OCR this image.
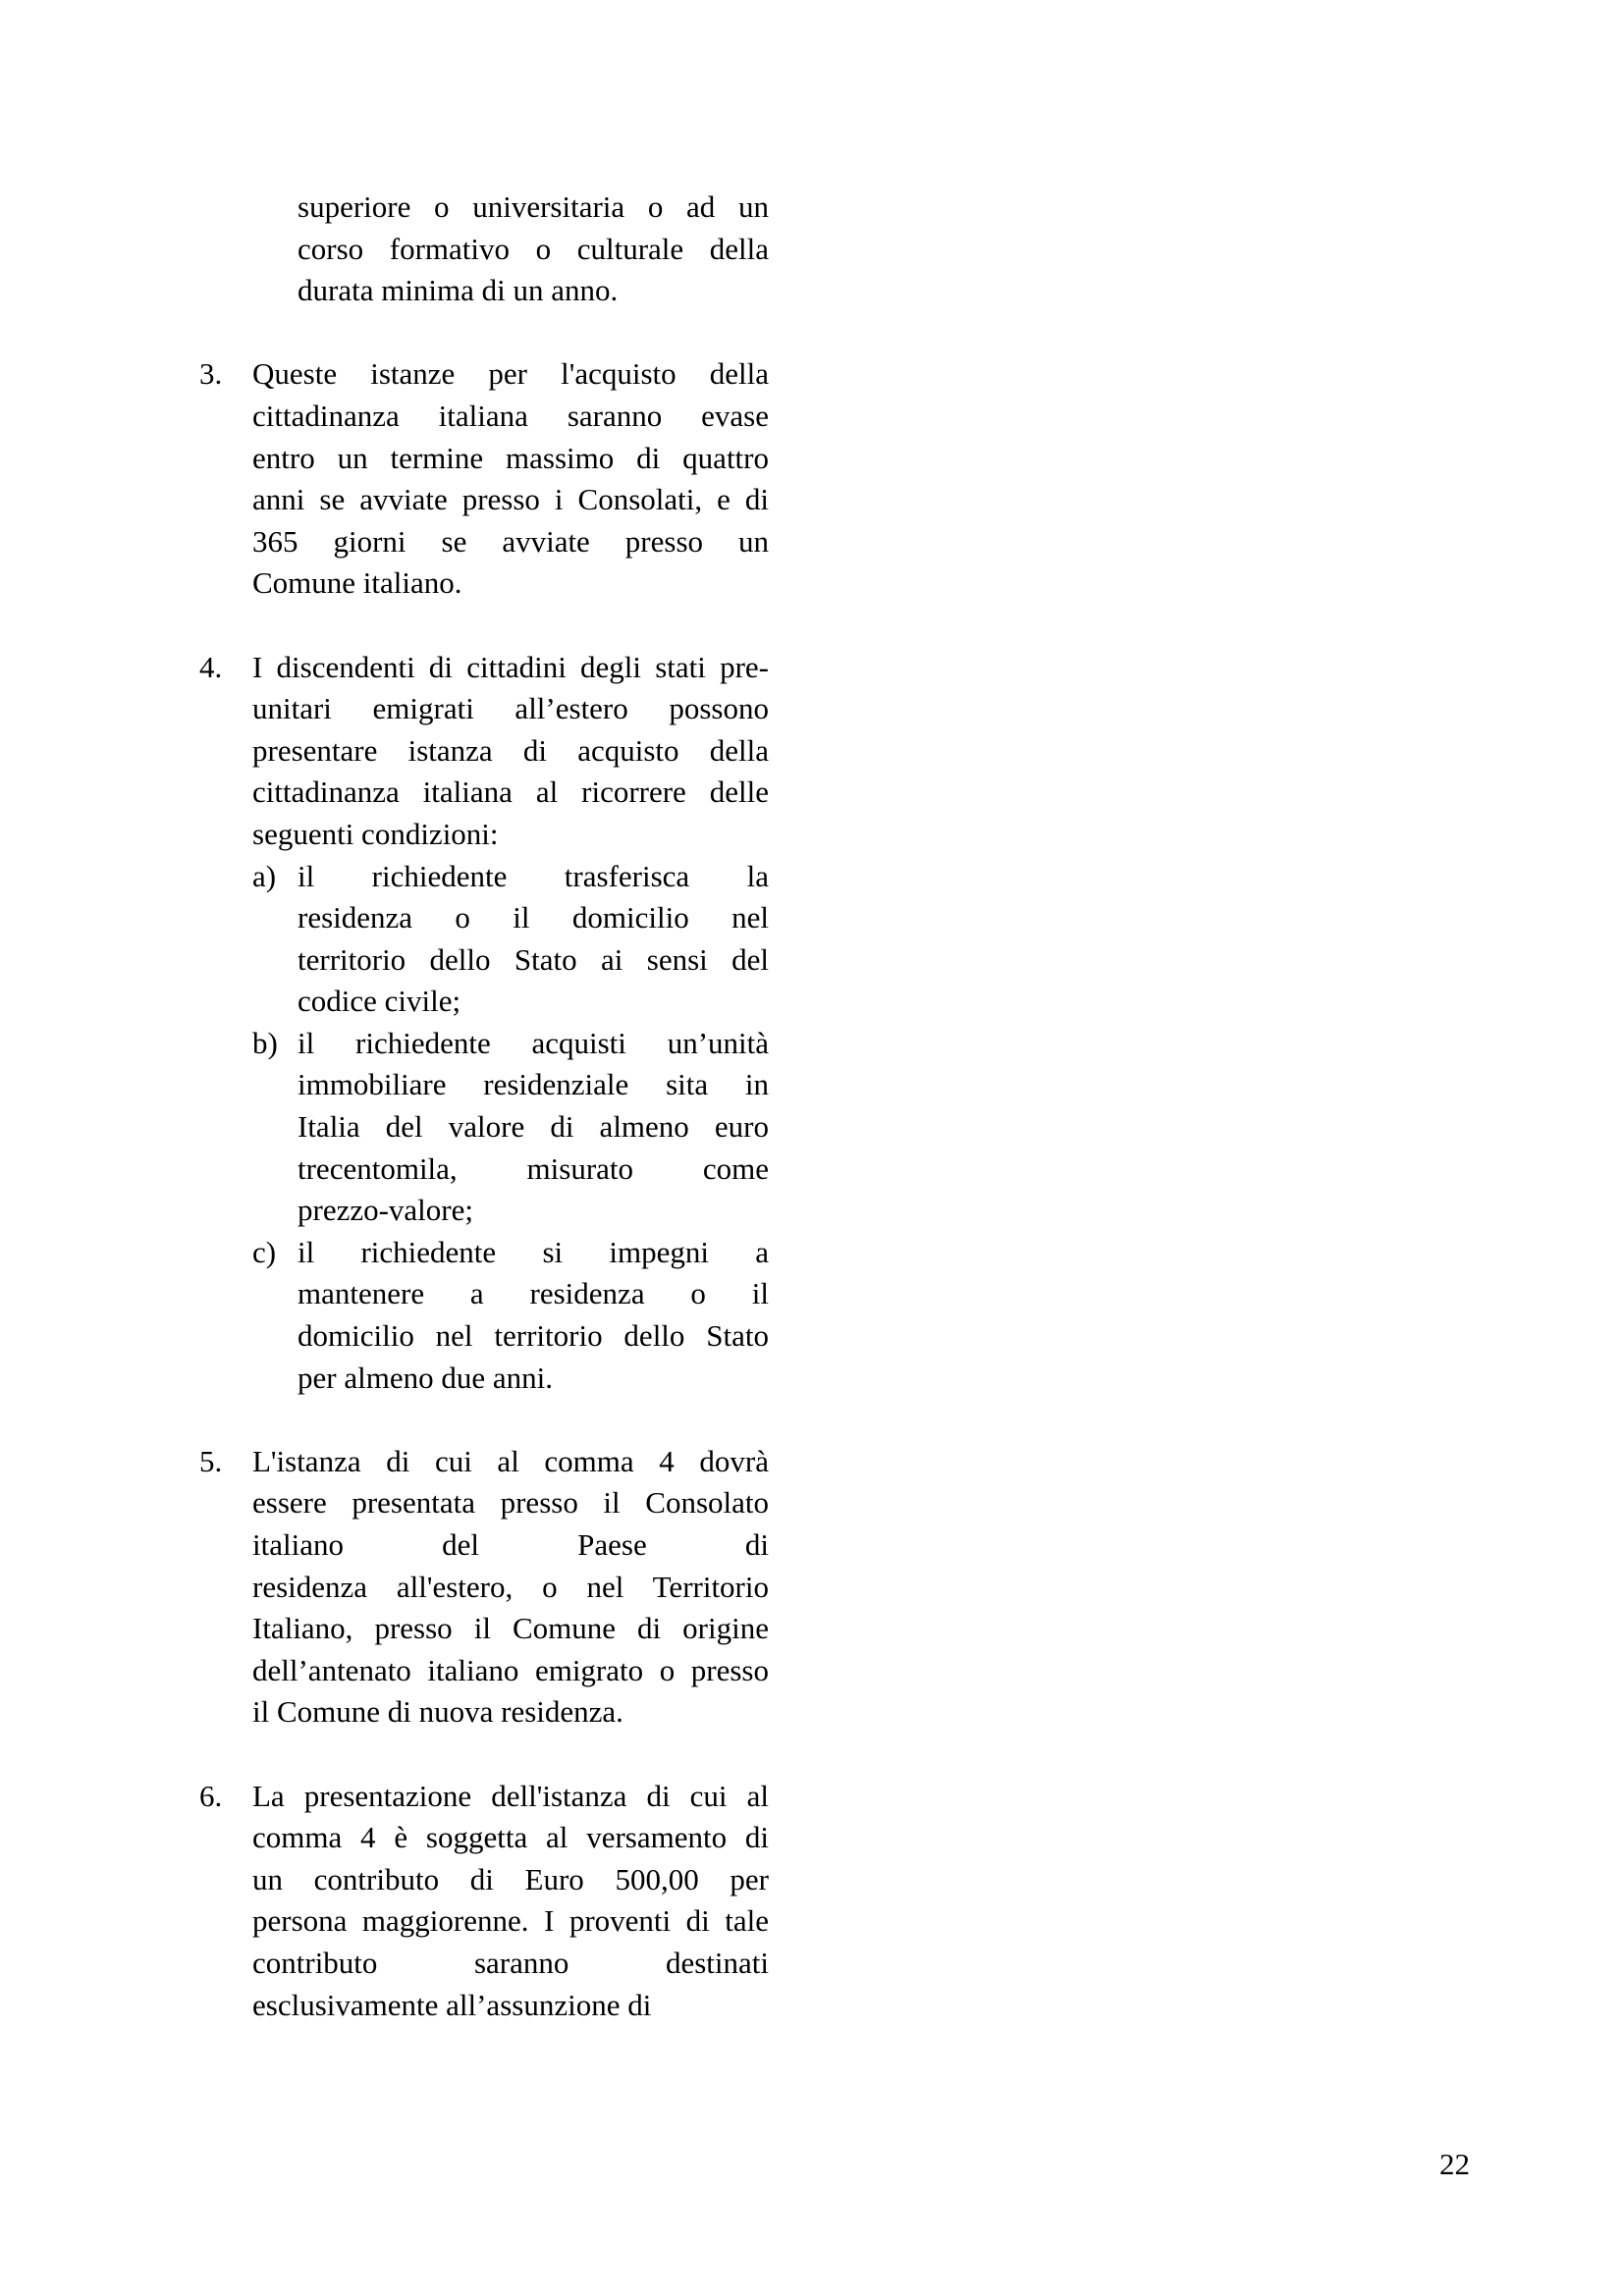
superiore o universitaria o ad un
corso formativo o culturale della
durata minima di un anno.
3. Queste istanze per l'acquisto della
cittadinanza italiana saranno evase
entro un termine massimo di quattro
anni se avviate presso i Consolati, e di
365 giorni se avviate presso un
Comune italiano.
4. I discendenti di cittadini degli stati pre-
unitari emigrati all’estero possono
presentare istanza di acquisto della
cittadinanza italiana al ricorrere delle
seguenti condizioni:
a) il richiedente trasferisca la
residenza o il domicilio nel
territorio dello Stato ai sensi del
codice civile;
b) il richiedente acquisti un’unità
immobiliare residenziale sita in
Italia del valore di almeno euro
trecentomila, misurato come
prezzo-valore;
c) il richiedente si impegni a
mantenere a residenza o il
domicilio nel territorio dello Stato
per almeno due anni.
5. L'istanza di cui al comma 4 dovrà
essere presentata presso il Consolato
italiano del Paese di
residenza all'estero, o nel Territorio
Italiano, presso il Comune di origine
dell’antenato italiano emigrato o presso
il Comune di nuova residenza.
6. La presentazione dell'istanza di cui al
comma 4 è soggetta al versamento di
un contributo di Euro 500,00 per
persona maggiorenne. I proventi di tale
contributo saranno destinati
esclusivamente all’assunzione di
22
